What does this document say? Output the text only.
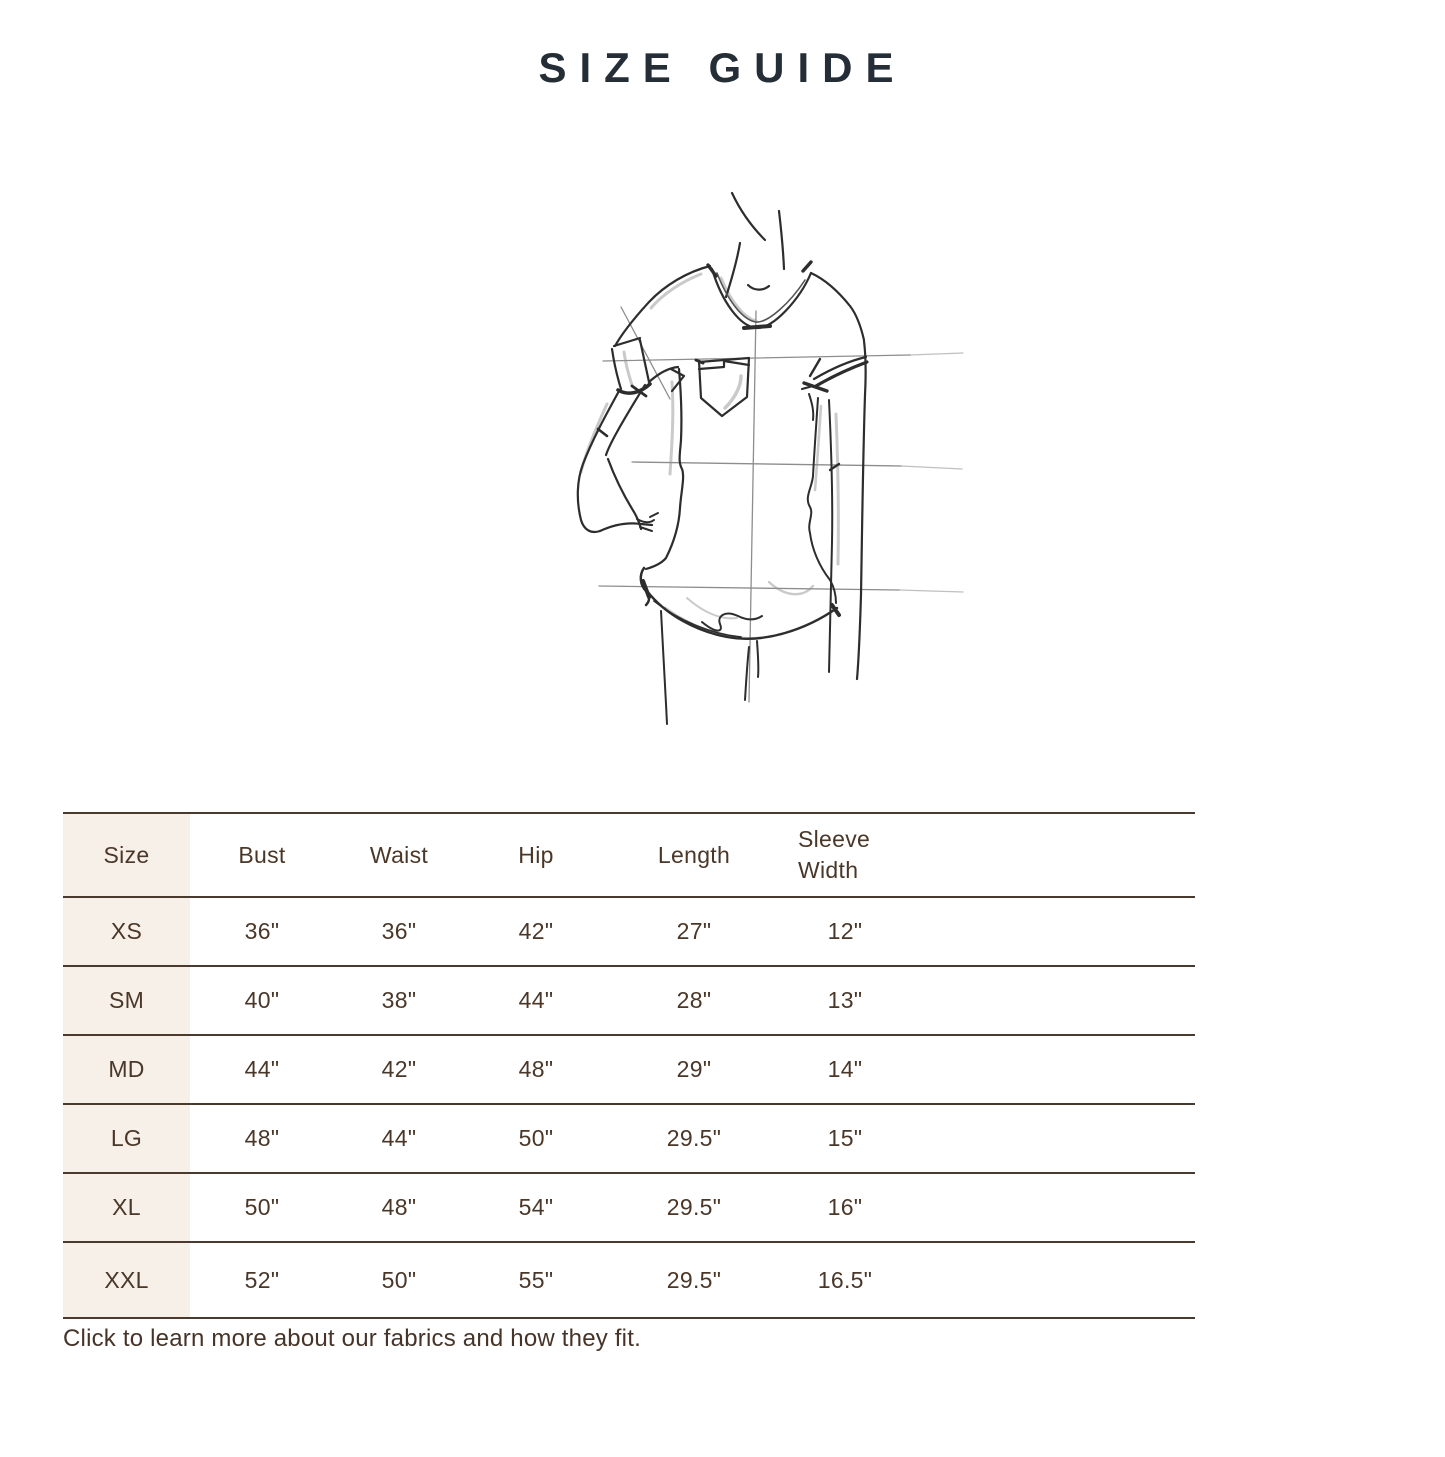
SIZE GUIDE
Size	Bust	Waist	Hip	Length	Sleeve Width	
XS	36"	36"	42"	27"	12"	
SM	40"	38"	44"	28"	13"	
MD	44"	42"	48"	29"	14"	
LG	48"	44"	50"	29.5"	15"	
XL	50"	48"	54"	29.5"	16"	
XXL	52"	50"	55"	29.5"	16.5"	
Click to learn more about our fabrics and how they fit.
